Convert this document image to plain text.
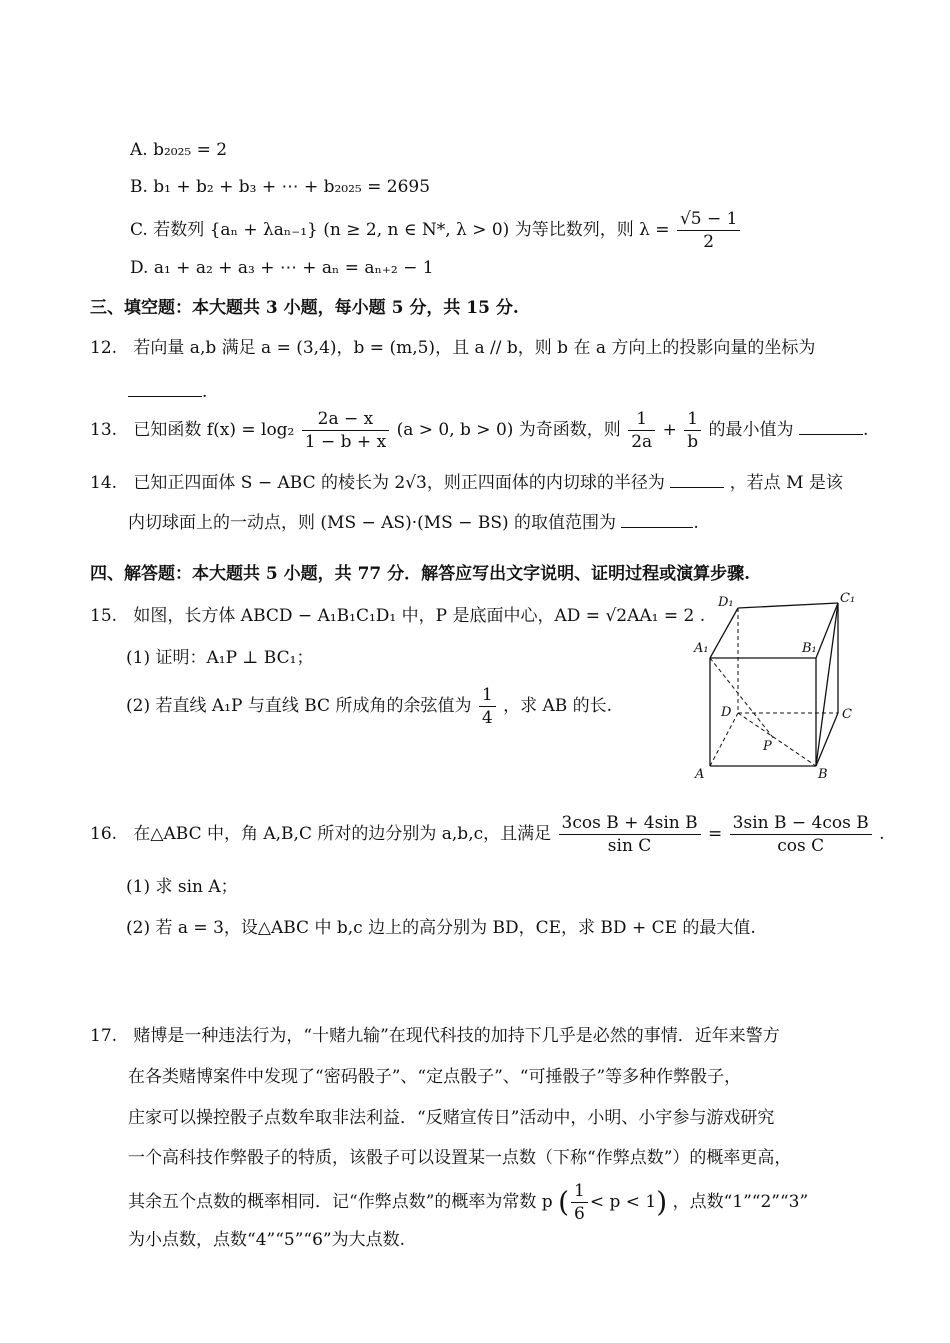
A. b₂₀₂₅ = 2
B. b₁ + b₂ + b₃ + ⋯ + b₂₀₂₅ = 2695
C. 若数列 {aₙ + λaₙ₋₁} (n ≥ 2, n ∈ N*, λ > 0) 为等比数列，则 $\lambda = \frac{√5 - 1}{2}$
D. a₁ + a₂ + a₃ + ⋯ + aₙ = aₙ₊₂ − 1
三、填空题：本大题共 3 小题，每小题 5 分，共 15 分.
12. 若向量 a,b 满足 a = (3,4)，b = (m,5)，且 a // b，则 b 在 a 方向上的投影向量的坐标为
.
13. 已知函数 $f(x) = \log_2 \frac{2a - x}{1 - b + x} (a > 0$, b > 0) 为奇函数，则 $\frac{1}{2a} + \frac{1}{b}$ 的最小值为	.
14. 已知正四面体 S − ABC 的棱长为 2√3，则正四面体的内切球的半径为	，若点 M 是该
内切球面上的一动点，则 (MS − AS)·(MS − BS) 的取值范围为	.
四、解答题：本大题共 5 小题，共 77 分．解答应写出文字说明、证明过程或演算步骤.
15. 如图，长方体 ABCD − A₁B₁C₁D₁ 中，P 是底面中心，AD = √2AA₁ = 2 .
(1) 证明：A₁P ⊥ BC₁；
(2) 若直线 A₁P 与直线 BC 所成角的余弦值为 $\frac{1}{4}$ ，求 AB 的长.
D₁	C₁
A₁	B₁
D	C
P
A	B
16. 在△ABC 中，角 A,B,C 所对的边分别为 a,b,c，且满足 $\frac{\text{3cos B + 4sin B}}{\text{sin C}} = \frac{\text{3sin B − 4cos B}}{\text{cos C}}$ .
(1) 求 sin A；
(2) 若 a = 3，设△ABC 中 b,c 边上的高分别为 BD，CE，求 BD + CE 的最大值.
17. 赌博是一种违法行为，“十赌九输”在现代科技的加持下几乎是必然的事情．近年来警方
在各类赌博案件中发现了“密码骰子”、“定点骰子”、“可捶骰子”等多种作弊骰子，
庄家可以操控骰子点数牟取非法利益．“反赌宣传日”活动中，小明、小宇参与游戏研究
一个高科技作弊骰子的特质，该骰子可以设置某一点数（下称“作弊点数”）的概率更高，
其余五个点数的概率相同．记“作弊点数”的概率为常数 p ( $\frac{1}{6} < p < 1$) ，点数“1”“2”“3”
为小点数，点数“4”“5”“6”为大点数.
